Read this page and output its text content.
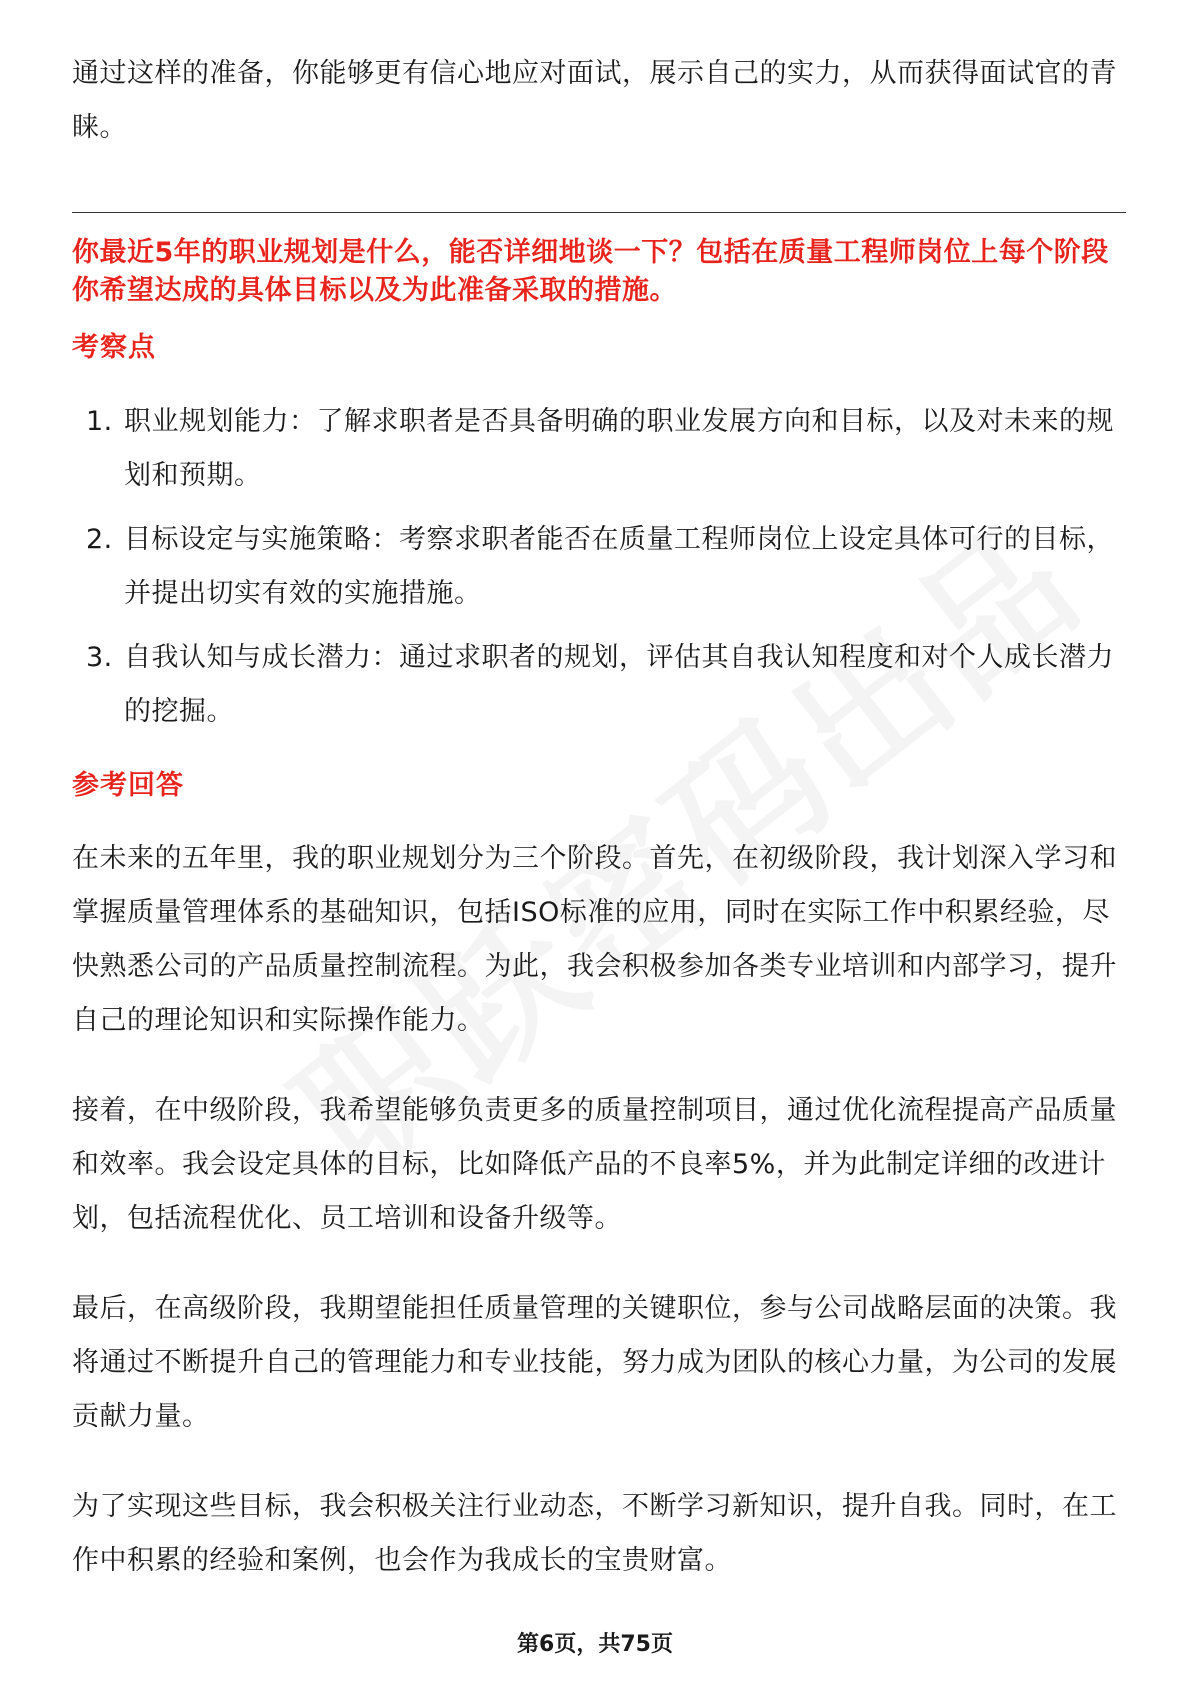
通过这样的准备，你能够更有信心地应对面试，展示自己的实力，从而获得面试官的青睐。

你最近5年的职业规划是什么，能否详细地谈一下？包括在质量工程师岗位上每个阶段你希望达成的具体目标以及为此准备采取的措施。

考察点
1. 职业规划能力：了解求职者是否具备明确的职业发展方向和目标，以及对未来的规划和预期。
2. 目标设定与实施策略：考察求职者能否在质量工程师岗位上设定具体可行的目标，并提出切实有效的实施措施。
3. 自我认知与成长潜力：通过求职者的规划，评估其自我认知程度和对个人成长潜力的挖掘。
参考回答

在未来的五年里，我的职业规划分为三个阶段。首先，在初级阶段，我计划深入学习和掌握质量管理体系的基础知识，包括ISO标准的应用，同时在实际工作中积累经验，尽快熟悉公司的产品质量控制流程。为此，我会积极参加各类专业培训和内部学习，提升自己的理论知识和实际操作能力。

接着，在中级阶段，我希望能够负责更多的质量控制项目，通过优化流程提高产品质量和效率。我会设定具体的目标，比如降低产品的不良率5%，并为此制定详细的改进计划，包括流程优化、员工培训和设备升级等。

最后，在高级阶段，我期望能担任质量管理的关键职位，参与公司战略层面的决策。我将通过不断提升自己的管理能力和专业技能，努力成为团队的核心力量，为公司的发展贡献力量。

为了实现这些目标，我会积极关注行业动态，不断学习新知识，提升自我。同时，在工作中积累的经验和案例，也会作为我成长的宝贵财富。

第6页，共75页
